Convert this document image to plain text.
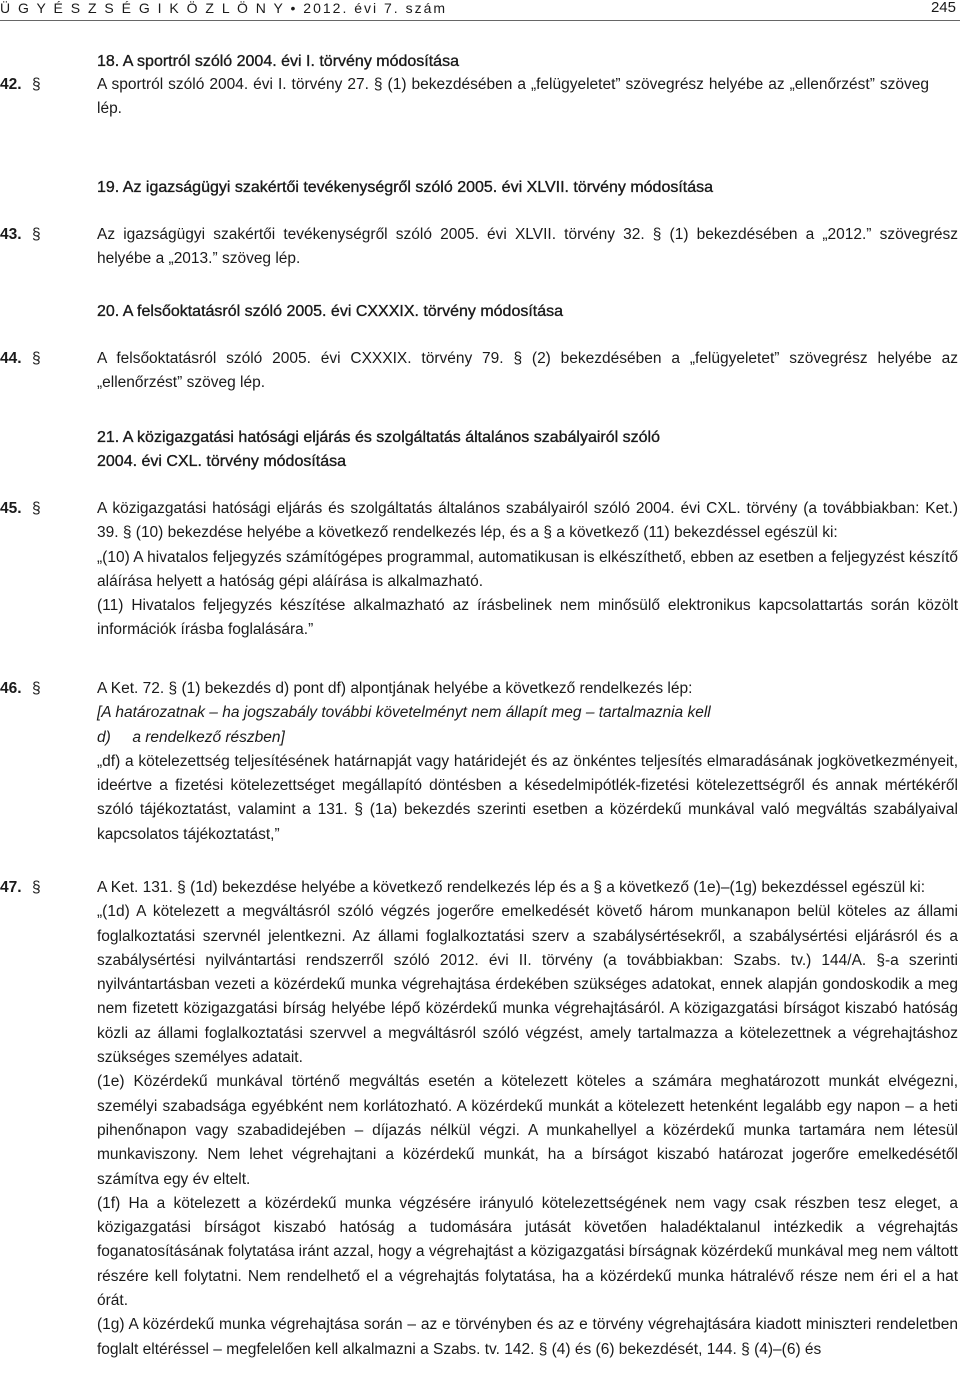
Ü G Y É S Z S É G I K Ö Z L Ö N Y • 2012. évi 7. szám	245
18. A sportról szóló 2004. évi I. törvény módosítása
42. §	A sportról szóló 2004. évi I. törvény 27. § (1) bekezdésében a „felügyeletet” szövegrész helyébe az „ellenőrzést” szöveg lép.

19. Az igazságügyi szakértői tevékenységről szóló 2005. évi XLVII. törvény módosítása
43. §	Az igazságügyi szakértői tevékenységről szóló 2005. évi XLVII. törvény 32. § (1) bekezdésében a „2012.” szövegrész helyébe a „2013.” szöveg lép.

20. A felsőoktatásról szóló 2005. évi CXXXIX. törvény módosítása
44. §	A felsőoktatásról szóló 2005. évi CXXXIX. törvény 79. § (2) bekezdésében a „felügyeletet” szövegrész helyébe az „ellenőrzést” szöveg lép.

21. A közigazgatási hatósági eljárás és szolgáltatás általános szabályairól szóló
2004. évi CXL. törvény módosítása
45. §	A közigazgatási hatósági eljárás és szolgáltatás általános szabályairól szóló 2004. évi CXL. törvény (a továbbiakban: Ket.) 39. § (10) bekezdése helyébe a következő rendelkezés lép, és a § a következő (11) bekezdéssel egészül ki:

„(10) A hivatalos feljegyzés számítógépes programmal, automatikusan is elkészíthető, ebben az esetben a feljegyzést készítő aláírása helyett a hatóság gépi aláírása is alkalmazható.

(11) Hivatalos feljegyzés készítése alkalmazható az írásbelinek nem minősülő elektronikus kapcsolattartás során közölt információk írásba foglalására.”

46. §	A Ket. 72. § (1) bekezdés d) pont df) alpontjának helyébe a következő rendelkezés lép:

[A határozatnak – ha jogszabály további követelményt nem állapít meg – tartalmaznia kell

d)     a rendelkező részben]

„df) a kötelezettség teljesítésének határnapját vagy határidejét és az önkéntes teljesítés elmaradásának jogkövetkezményeit, ideértve a fizetési kötelezettséget megállapító döntésben a késedelmipótlék-fizetési kötelezettségről és annak mértékéről szóló tájékoztatást, valamint a 131. § (1a) bekezdés szerinti esetben a közérdekű munkával való megváltás szabályaival kapcsolatos tájékoztatást,”

47. §	A Ket. 131. § (1d) bekezdése helyébe a következő rendelkezés lép és a § a következő (1e)–(1g) bekezdéssel egészül ki:

„(1d) A kötelezett a megváltásról szóló végzés jogerőre emelkedését követő három munkanapon belül köteles az állami foglalkoztatási szervnél jelentkezni. Az állami foglalkoztatási szerv a szabálysértésekről, a szabálysértési eljárásról és a szabálysértési nyilvántartási rendszerről szóló 2012. évi II. törvény (a továbbiakban: Szabs. tv.) 144/A. §-a szerinti nyilvántartásban vezeti a közérdekű munka végrehajtása érdekében szükséges adatokat, ennek alapján gondoskodik a meg nem fizetett közigazgatási bírság helyébe lépő közérdekű munka végrehajtásáról. A közigazgatási bírságot kiszabó hatóság közli az állami foglalkoztatási szervvel a megváltásról szóló végzést, amely tartalmazza a kötelezettnek a végrehajtáshoz szükséges személyes adatait.

(1e) Közérdekű munkával történő megváltás esetén a kötelezett köteles a számára meghatározott munkát elvégezni, személyi szabadsága egyébként nem korlátozható. A közérdekű munkát a kötelezett hetenként legalább egy napon – a heti pihenőnapon vagy szabadidejében – díjazás nélkül végzi. A munkahellyel a közérdekű munka tartamára nem létesül munkaviszony. Nem lehet végrehajtani a közérdekű munkát, ha a bírságot kiszabó határozat jogerőre emelkedésétől számítva egy év eltelt.

(1f) Ha a kötelezett a közérdekű munka végzésére irányuló kötelezettségének nem vagy csak részben tesz eleget, a közigazgatási bírságot kiszabó hatóság a tudomására jutását követően haladéktalanul intézkedik a végrehajtás foganatosításának folytatása iránt azzal, hogy a végrehajtást a közigazgatási bírságnak közérdekű munkával meg nem váltott részére kell folytatni. Nem rendelhető el a végrehajtás folytatása, ha a közérdekű munka hátralévő része nem éri el a hat órát.

(1g) A közérdekű munka végrehajtása során – az e törvényben és az e törvény végrehajtására kiadott miniszteri rendeletben foglalt eltéréssel – megfelelően kell alkalmazni a Szabs. tv. 142. § (4) és (6) bekezdését, 144. § (4)–(6) és
